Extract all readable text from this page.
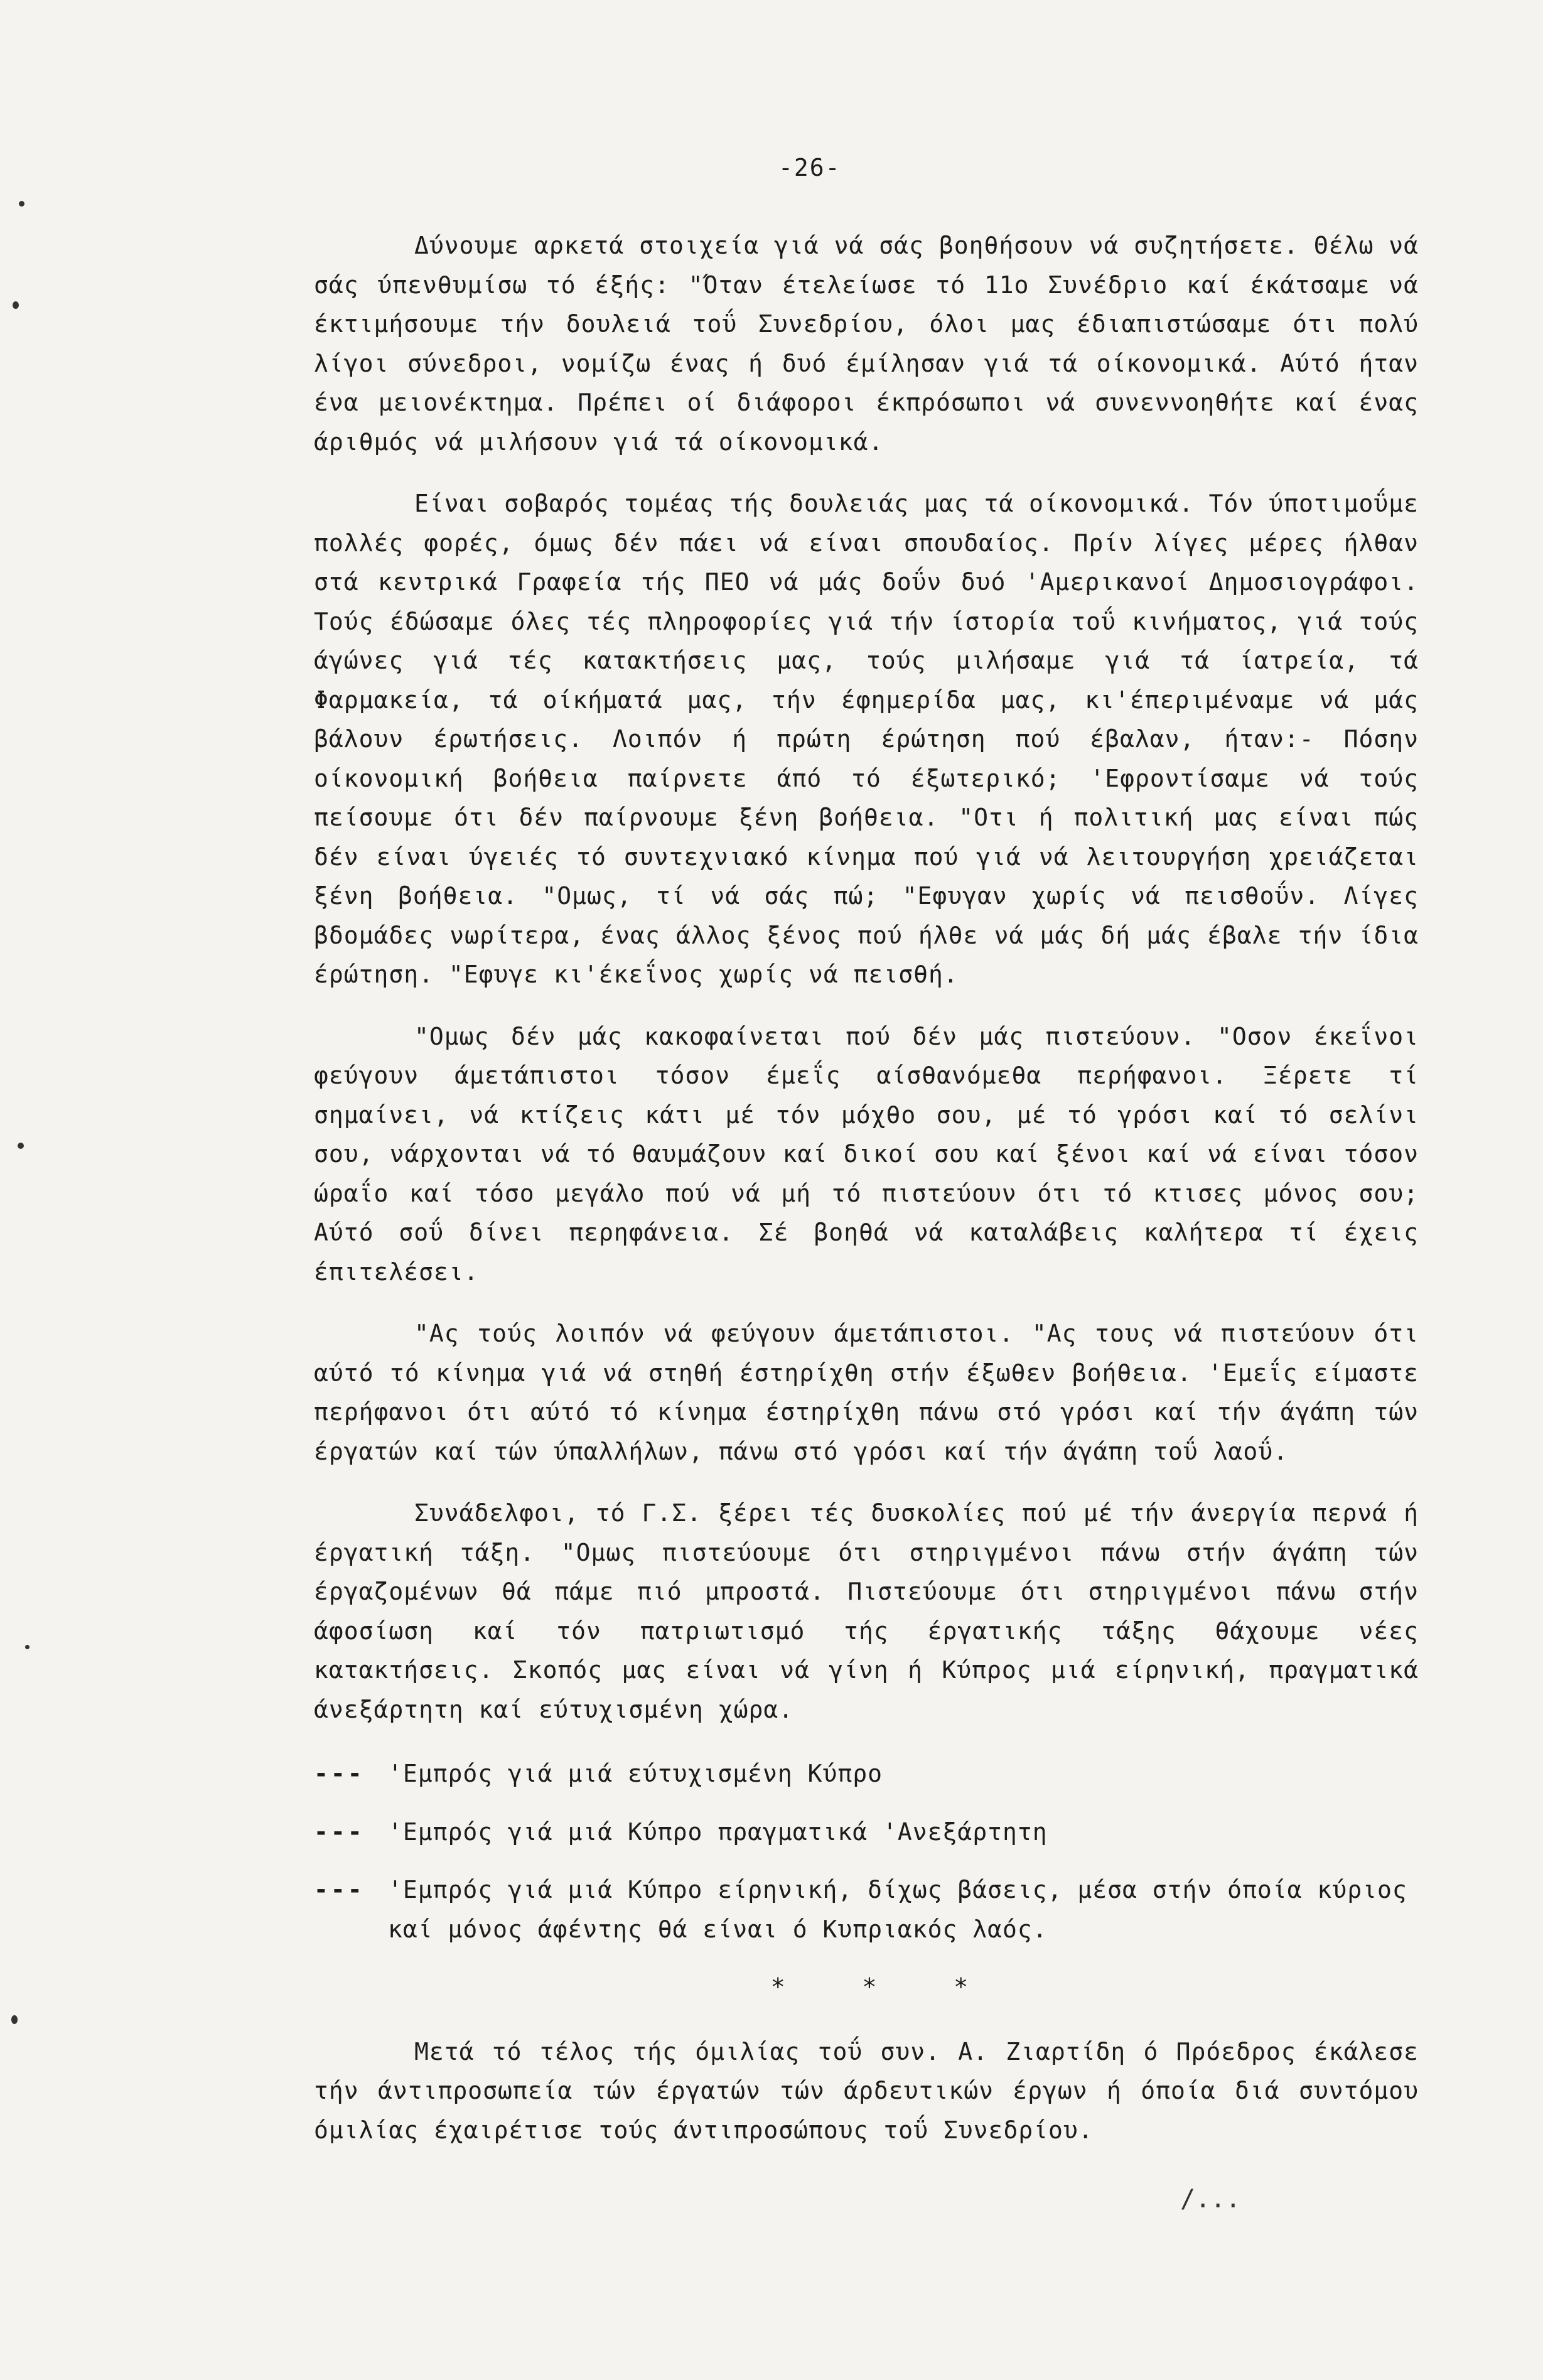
-26-

Δύνουμε αρκετά στοιχεία γιά νά σάς βοηθήσουν νά συζητήσετε. Θέλω νά σάς ύπενθυμίσω τό έξής: "Όταν έτελείωσε τό 11ο Συνέδριο καί έκάτσαμε νά έκτιμήσουμε τήν δουλειά τοΰ Συνεδρίου, όλοι μας έδιαπιστώσαμε ότι πολύ λίγοι σύνεδροι, νομίζω ένας ή δυό έμίλησαν γιά τά οίκονομικά. Αύτό ήταν ένα μειονέκτημα. Πρέπει οί διάφοροι έκπρόσωποι νά συνεννοηθήτε καί ένας άριθμός νά μιλήσουν γιά τά οίκονομικά.

Είναι σοβαρός τομέας τής δουλειάς μας τά οίκονομικά. Τόν ύποτιμοΰμε πολλές φορές, όμως δέν πάει νά είναι σπουδαίος. Πρίν λίγες μέρες ήλθαν στά κεντρικά Γραφεία τής ΠΕΟ νά μάς δοΰν δυό 'Αμερικανοί Δημοσιογράφοι. Τούς έδώσαμε όλες τές πληροφορίες γιά τήν ίστορία τοΰ κινήματος, γιά τούς άγώνες γιά τές κατακτήσεις μας, τούς μιλήσαμε γιά τά ίατρεία, τά Φαρμακεία, τά οίκήματά μας, τήν έφημερίδα μας, κι'έπεριμέναμε νά μάς βάλουν έρωτήσεις. Λοιπόν ή πρώτη έρώτηση πού έβαλαν, ήταν:- Πόσην οίκονομική βοήθεια παίρνετε άπό τό έξωτερικό; 'Εφροντίσαμε νά τούς πείσουμε ότι δέν παίρνουμε ξένη βοήθεια. "Οτι ή πολιτική μας είναι πώς δέν είναι ύγειές τό συντεχνιακό κίνημα πού γιά νά λειτουργήση χρειάζεται ξένη βοήθεια. "Ομως, τί νά σάς πώ; "Εφυγαν χωρίς νά πεισθοΰν. Λίγες βδομάδες νωρίτερα, ένας άλλος ξένος πού ήλθε νά μάς δή μάς έβαλε τήν ίδια έρώτηση. "Εφυγε κι'έκεΐνος χωρίς νά πεισθή.

"Ομως δέν μάς κακοφαίνεται πού δέν μάς πιστεύουν. "Οσον έκεΐνοι φεύγουν άμετάπιστοι τόσον έμεΐς αίσθανόμεθα περήφανοι. Ξέρετε τί σημαίνει, νά κτίζεις κάτι μέ τόν μόχθο σου, μέ τό γρόσι καί τό σελίνι σου, νάρχονται νά τό θαυμάζουν καί δικοί σου καί ξένοι καί νά είναι τόσον ώραΐο καί τόσο μεγάλο πού νά μή τό πιστεύουν ότι τό κτισες μόνος σου; Αύτό σοΰ δίνει περηφάνεια. Σέ βοηθά νά καταλάβεις καλήτερα τί έχεις έπιτελέσει.

"Ας τούς λοιπόν νά φεύγουν άμετάπιστοι. "Ας τους νά πιστεύουν ότι αύτό τό κίνημα γιά νά στηθή έστηρίχθη στήν έξωθεν βοήθεια. 'Εμεΐς είμαστε περήφανοι ότι αύτό τό κίνημα έστηρίχθη πάνω στό γρόσι καί τήν άγάπη τών έργατών καί τών ύπαλλήλων, πάνω στό γρόσι καί τήν άγάπη τοΰ λαοΰ.

Συνάδελφοι, τό Γ.Σ. ξέρει τές δυσκολίες πού μέ τήν άνεργία περνά ή έργατική τάξη. "Ομως πιστεύουμε ότι στηριγμένοι πάνω στήν άγάπη τών έργαζομένων θά πάμε πιό μπροστά. Πιστεύουμε ότι στηριγμένοι πάνω στήν άφοσίωση καί τόν πατριωτισμό τής έργατικής τάξης θάχουμε νέες κατακτήσεις. Σκοπός μας είναι νά γίνη ή Κύπρος μιά είρηνική, πραγματικά άνεξάρτητη καί εύτυχισμένη χώρα.

--- 'Εμπρός γιά μιά εύτυχισμένη Κύπρο
--- 'Εμπρός γιά μιά Κύπρο πραγματικά 'Ανεξάρτητη
--- 'Εμπρός γιά μιά Κύπρο είρηνική, δίχως βάσεις, μέσα στήν όποία κύριος καί μόνος άφέντης θά είναι ό Κυπριακός λαός.
* * *

Μετά τό τέλος τής όμιλίας τοΰ συν. Α. Ζιαρτίδη ό Πρόεδρος έκάλεσε τήν άντιπροσωπεία τών έργατών τών άρδευτικών έργων ή όποία διά συντόμου όμιλίας έχαιρέτισε τούς άντιπροσώπους τοΰ Συνεδρίου.

/...
